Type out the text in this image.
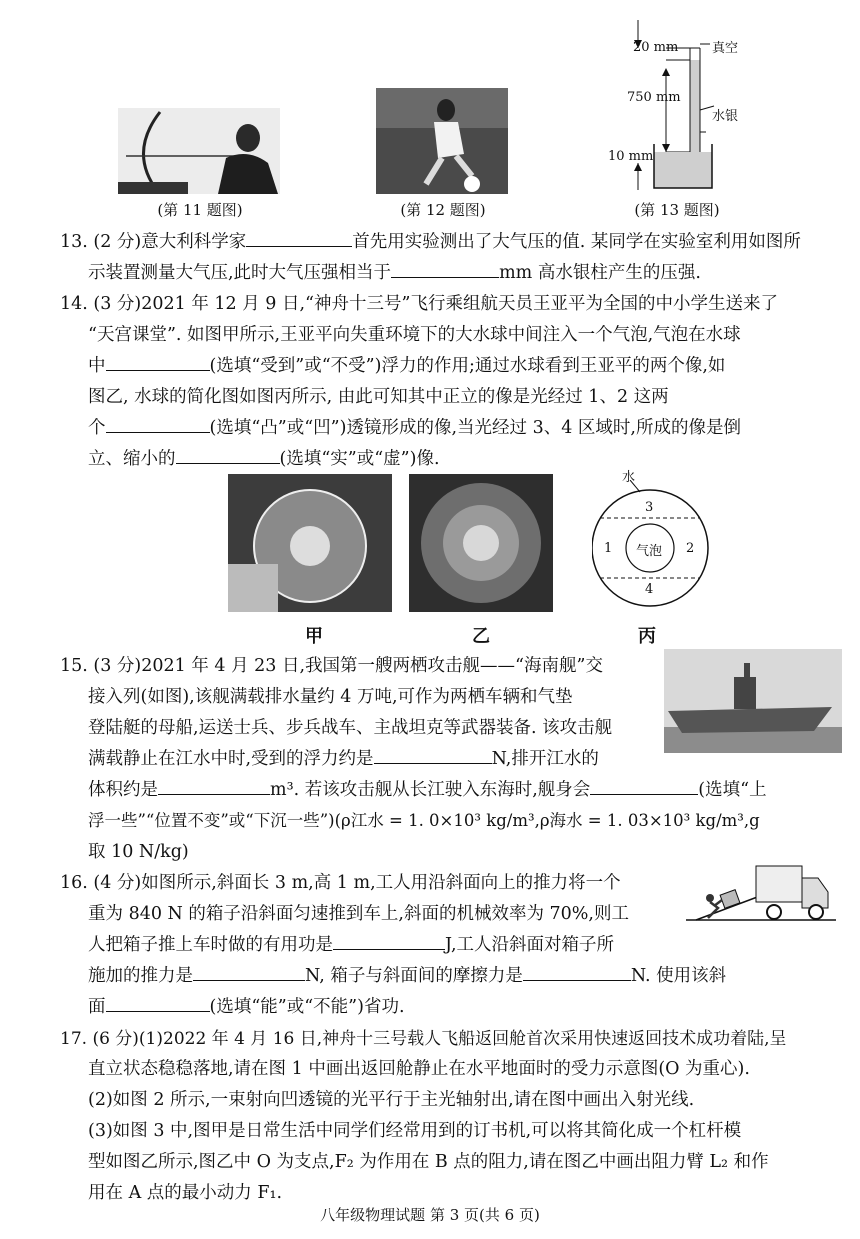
20 mm
750 mm
10 mm
真空
水银
(第 11 题图)	(第 12 题图)	(第 13 题图)
13. (2 分)意大利科学家	首先用实验测出了大气压的值. 某同学在实验室利用如图所
示装置测量大气压,此时大气压强相当于	mm 高水银柱产生的压强.
14. (3 分)2021 年 12 月 9 日,“神舟十三号”飞行乘组航天员王亚平为全国的中小学生送来了
“天宫课堂”. 如图甲所示,王亚平向失重环境下的大水球中间注入一个气泡,气泡在水球
中	(选填“受到”或“不受”)浮力的作用;通过水球看到王亚平的两个像,如
图乙, 水球的简化图如图丙所示, 由此可知其中正立的像是光经过 1、2 这两
个	(选填“凸”或“凹”)透镜形成的像,当光经过 3、4 区域时,所成的像是倒
立、缩小的	(选填“实”或“虚”)像.
水
3
1 气泡 2
4
甲	乙	丙
15. (3 分)2021 年 4 月 23 日,我国第一艘两栖攻击舰——“海南舰”交
接入列(如图),该舰满载排水量约 4 万吨,可作为两栖车辆和气垫
登陆艇的母船,运送士兵、步兵战车、主战坦克等武器装备. 该攻击舰
满载静止在江水中时,受到的浮力约是	N,排开江水的
体积约是	m³. 若该攻击舰从长江驶入东海时,舰身会	(选填“上
浮一些”“位置不变”或“下沉一些”)(ρ江水 = 1. 0×10³ kg/m³,ρ海水 = 1. 03×10³ kg/m³,g
取 10 N/kg)
16. (4 分)如图所示,斜面长 3 m,高 1 m,工人用沿斜面向上的推力将一个
重为 840 N 的箱子沿斜面匀速推到车上,斜面的机械效率为 70%,则工
人把箱子推上车时做的有用功是	J,工人沿斜面对箱子所
施加的推力是	N, 箱子与斜面间的摩擦力是	N. 使用该斜
面	(选填“能”或“不能”)省功.
17. (6 分)(1)2022 年 4 月 16 日,神舟十三号载人飞船返回舱首次采用快速返回技术成功着陆,呈
直立状态稳稳落地,请在图 1 中画出返回舱静止在水平地面时的受力示意图(O 为重心).
(2)如图 2 所示,一束射向凹透镜的光平行于主光轴射出,请在图中画出入射光线.
(3)如图 3 中,图甲是日常生活中同学们经常用到的订书机,可以将其简化成一个杠杆模
型如图乙所示,图乙中 O 为支点,F₂ 为作用在 B 点的阻力,请在图乙中画出阻力臂 L₂ 和作
用在 A 点的最小动力 F₁.
八年级物理试题 第 3 页(共 6 页)
